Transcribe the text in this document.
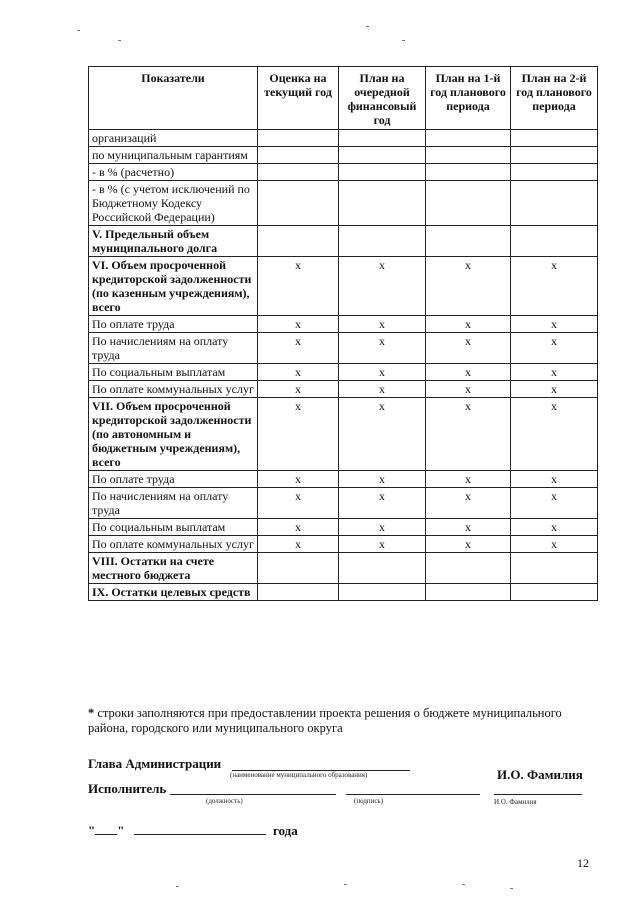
Показатели	Оценка на текущий год	План на очередной финансовый год	План на 1-й год планового периода	План на 2-й год планового периода
организаций				
по муниципальным гарантиям				
- в % (расчетно)				
- в % (с учетом исключений по Бюджетному Кодексу Российской Федерации)				
V. Предельный объем муниципального долга				
VI. Объем просроченной кредиторской задолженности (по казенным учреждениям), всего	x	x	x	x
По оплате труда	x	x	x	x
По начислениям на оплату труда	x	x	x	x
По социальным выплатам	x	x	x	x
По оплате коммунальных услуг	x	x	x	x
VII. Объем просроченной кредиторской задолженности (по автономным и бюджетным учреждениям), всего	x	x	x	x
По оплате труда	x	x	x	x
По начислениям на оплату труда	x	x	x	x
По социальным выплатам	x	x	x	x
По оплате коммунальных услуг	x	x	x	x
VIII. Остатки на счете местного бюджета				
IX. Остатки целевых средств				
* строки заполняются при предоставлении проекта решения о бюджете муниципального района, городского или муниципального округа
Глава Администрации
(наименование муниципального образования)	И.О. Фамилия
Исполнитель
(должность)	(подпись)	И.О. Фамилия
" "	года
12
